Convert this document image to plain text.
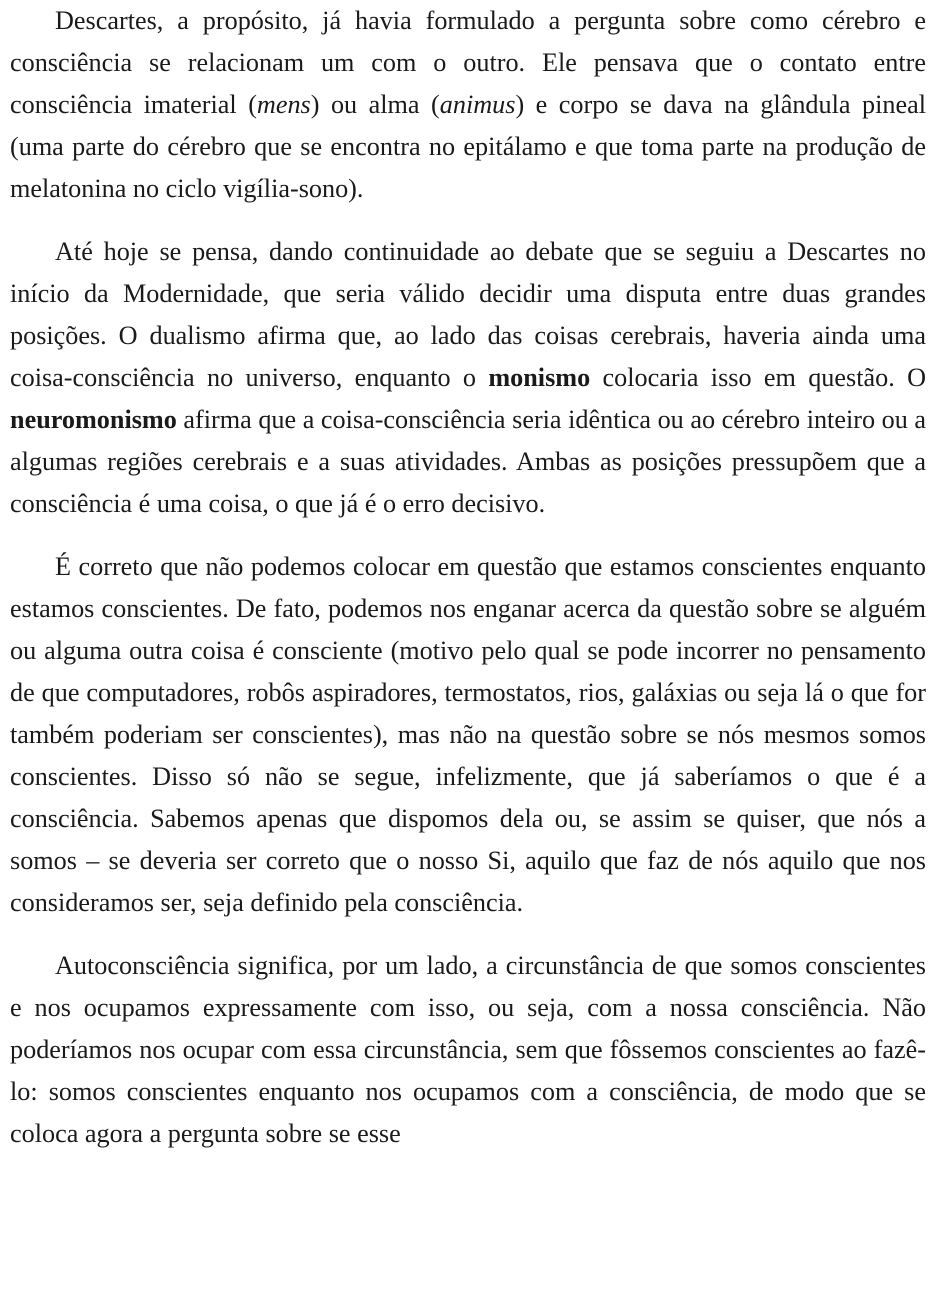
Descartes, a propósito, já havia formulado a pergunta sobre como cérebro e consciência se relacionam um com o outro. Ele pensava que o contato entre consciência imaterial (mens) ou alma (animus) e corpo se dava na glândula pineal (uma parte do cérebro que se encontra no epitálamo e que toma parte na produção de melatonina no ciclo vigília-sono).

Até hoje se pensa, dando continuidade ao debate que se seguiu a Descartes no início da Modernidade, que seria válido decidir uma disputa entre duas grandes posições. O dualismo afirma que, ao lado das coisas cerebrais, haveria ainda uma coisa-consciência no universo, enquanto o monismo colocaria isso em questão. O neuromonismo afirma que a coisa-consciência seria idêntica ou ao cérebro inteiro ou a algumas regiões cerebrais e a suas atividades. Ambas as posições pressupõem que a consciência é uma coisa, o que já é o erro decisivo.

É correto que não podemos colocar em questão que estamos conscientes enquanto estamos conscientes. De fato, podemos nos enganar acerca da questão sobre se alguém ou alguma outra coisa é consciente (motivo pelo qual se pode incorrer no pensamento de que computadores, robôs aspiradores, termostatos, rios, galáxias ou seja lá o que for também poderiam ser conscientes), mas não na questão sobre se nós mesmos somos conscientes. Disso só não se segue, infelizmente, que já saberíamos o que é a consciência. Sabemos apenas que dispomos dela ou, se assim se quiser, que nós a somos – se deveria ser correto que o nosso Si, aquilo que faz de nós aquilo que nos consideramos ser, seja definido pela consciência.

Autoconsciência significa, por um lado, a circunstância de que somos conscientes e nos ocupamos expressamente com isso, ou seja, com a nossa consciência. Não poderíamos nos ocupar com essa circunstância, sem que fôssemos conscientes ao fazê-lo: somos conscientes enquanto nos ocupamos com a consciência, de modo que se coloca agora a pergunta sobre se esse
